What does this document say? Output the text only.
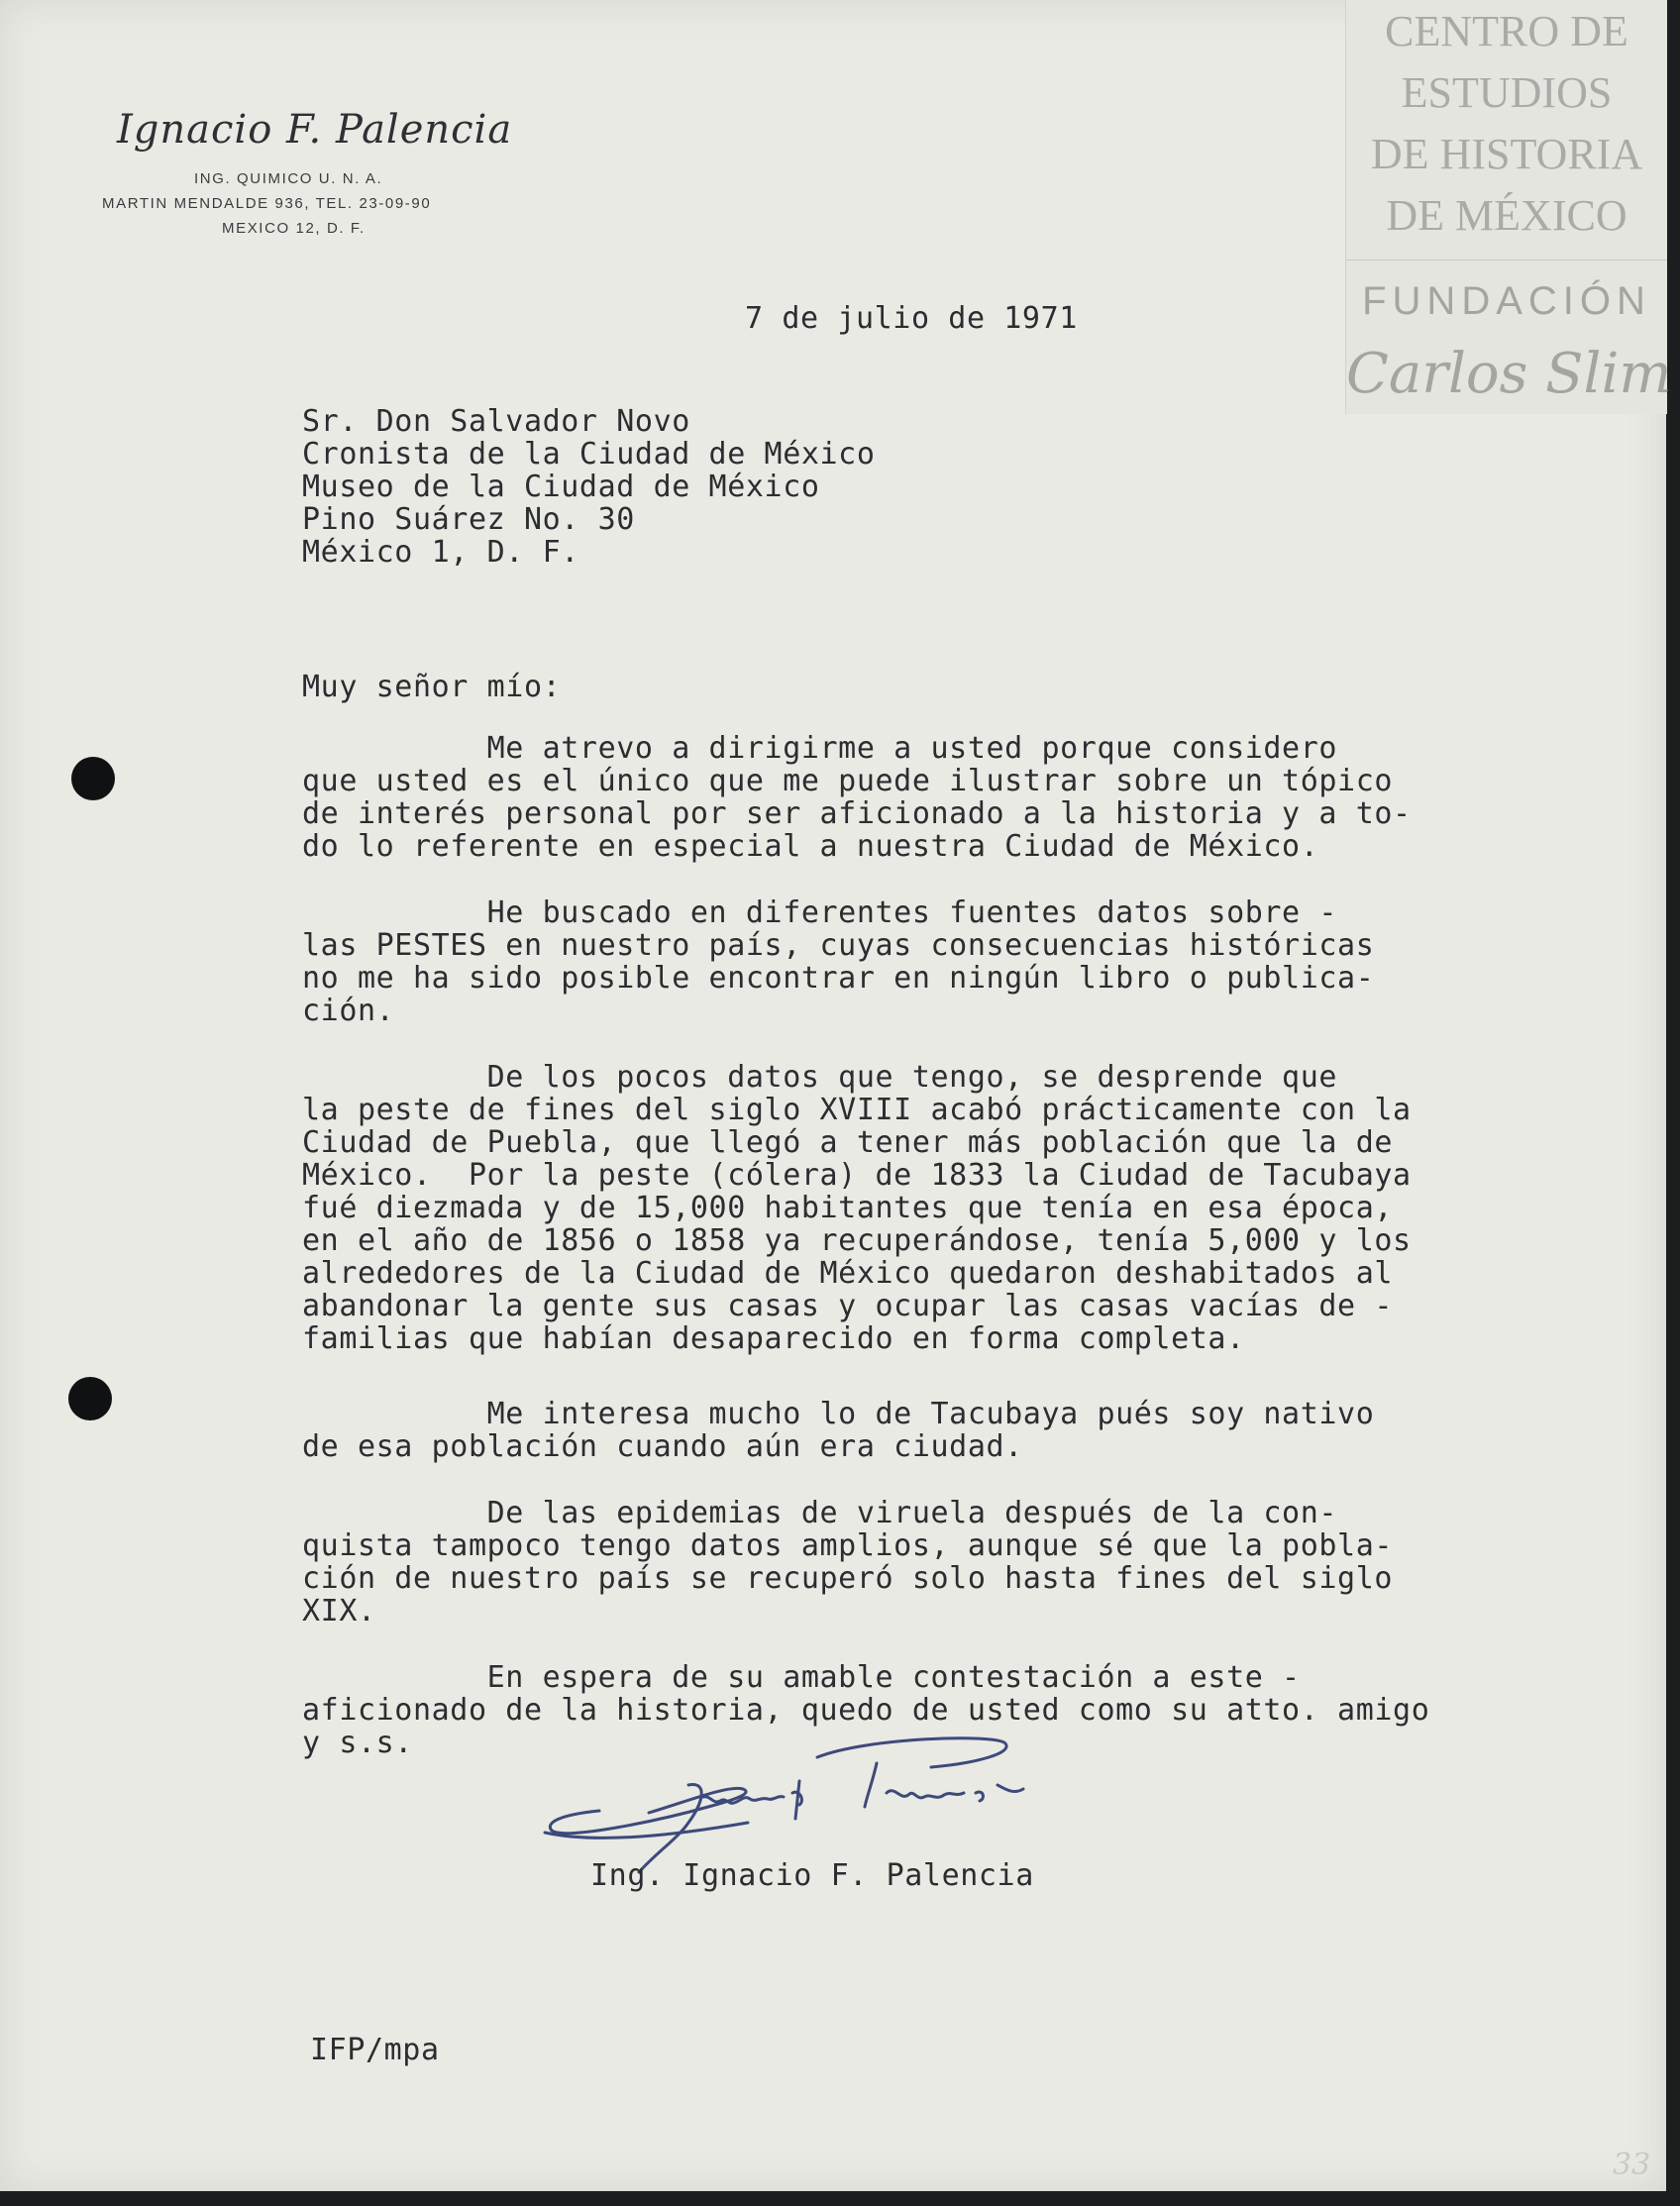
Ignacio F. Palencia
ING. QUIMICO U. N. A.
MARTIN MENDALDE 936, TEL. 23-09-90
MEXICO 12, D. F.
CENTRO DE
ESTUDIOS
DE HISTORIA
DE MÉXICO
FUNDACIÓN
Carlos Slim
7 de julio de 1971
Sr. Don Salvador Novo
Cronista de la Ciudad de México
Museo de la Ciudad de México
Pino Suárez No. 30
México 1, D. F.
Muy señor mío:
Me atrevo a dirigirme a usted porque considero
que usted es el único que me puede ilustrar sobre un tópico
de interés personal por ser aficionado a la historia y a to-
do lo referente en especial a nuestra Ciudad de México.
He buscado en diferentes fuentes datos sobre -
las PESTES en nuestro país, cuyas consecuencias históricas
no me ha sido posible encontrar en ningún libro o publica-
ción.
De los pocos datos que tengo, se desprende que
la peste de fines del siglo XVIII acabó prácticamente con la
Ciudad de Puebla, que llegó a tener más población que la de
México.  Por la peste (cólera) de 1833 la Ciudad de Tacubaya
fué diezmada y de 15,000 habitantes que tenía en esa época,
en el año de 1856 o 1858 ya recuperándose, tenía 5,000 y los
alrededores de la Ciudad de México quedaron deshabitados al
abandonar la gente sus casas y ocupar las casas vacías de -
familias que habían desaparecido en forma completa.
Me interesa mucho lo de Tacubaya pués soy nativo
de esa población cuando aún era ciudad.
De las epidemias de viruela después de la con-
quista tampoco tengo datos amplios, aunque sé que la pobla-
ción de nuestro país se recuperó solo hasta fines del siglo
XIX.
En espera de su amable contestación a este -
aficionado de la historia, quedo de usted como su atto. amigo
y s.s.
Ing. Ignacio F. Palencia
IFP/mpa
33
